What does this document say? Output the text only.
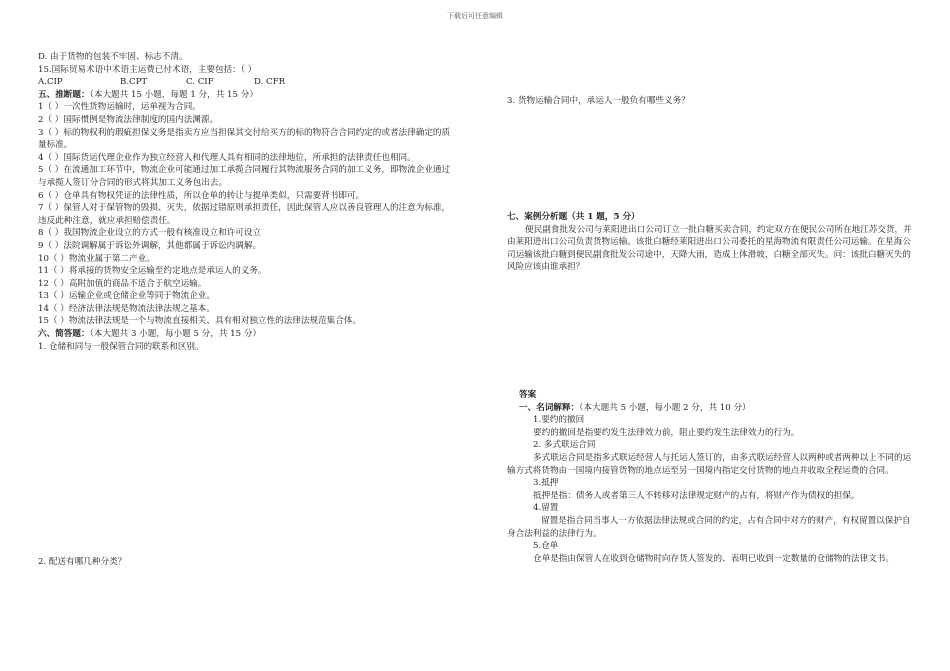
下载后可任意编辑
D. 由于货物的包装不牢固、标志不清。
15.国际贸易术语中术语主运费已付术语，主要包括：（ ）
A.CIP	B.CPT	C. CIF	D. CFR
五、推断题：（本大题共 15 小题，每题 1 分，共 15 分）
1（ ）一次性货物运输时，运单视为合同。
2（ ）国际惯例是物流法律制度的国内法渊源。
3（ ）标的物权利的瑕疵担保义务是指卖方应当担保其交付给买方的标的物符合合同约定的或者法律确定的质量标准。
4（ ）国际货运代理企业作为独立经营人和代理人具有相同的法律地位，所承担的法律责任也相同。
5（ ）在流通加工环节中，物流企业可能通过加工承揽合同履行其物流服务合同的加工义务，即物流企业通过与承揽人签订分合同的形式将其加工义务包出去。
6（ ）仓单具有物权凭证的法律性质，所以仓单的转让与提单类似，只需要背书即可。
7（ ）保管人对于保管物的毁损、灭失，依据过错原则承担责任，因此保管人应以善良管理人的注意为标准，违反此种注意，就应承担赔偿责任。
8（ ）我国物流企业设立的方式一般有核准设立和许可设立
9（ ）法院调解属于诉讼外调解，其他都属于诉讼内调解。
10（ ）物流业属于第二产业。
11（ ）将承接的货物安全运输至约定地点是承运人的义务。
12（ ）高附加值的商品不适合于航空运输。
13（ ）运输企业或仓储企业等同于物流企业。
14（ ）经济法律法规是物流法律法规之基本。
15（ ）物流法律法规是一个与物流直接相关、具有相对独立性的法律法规范集合体。
六、简答题：（本大题共 3 小题，每小题 5 分，共 15 分）
1. 仓储和同与一般保管合同的联系和区别。
2. 配送有哪几种分类？
3. 货物运输合同中，承运人一般负有哪些义务？
七、案例分析题（共 1 题，5 分）
便民副食批发公司与莱阳进出口公司订立一批白糖买卖合同，约定双方在便民公司所在地江苏交货，并由莱阳进出口公司负责货物运输。该批白糖经莱阳进出口公司委托的星海物流有限责任公司运输。在星海公司运输该批白糖到便民副食批发公司途中，天降大雨，造成上体滑坡，白糖全部灭失。问：该批白糖灭失的风险应该由谁承担？
答案
一、名词解释：（本大题共 5 小题，每小题 2 分，共 10 分）
1.要约的撤回
要约的撤回是指要约发生法律效力前，阻止要约发生法律效力的行为。
2. 多式联运合同
多式联运合同是指多式联运经营人与托运人签订的，由多式联运经营人以两种或者两种以上不同的运输方式将货物由一国境内接管货物的地点运至另一国境内指定交付货物的地点并收取全程运费的合同。
3.抵押
抵押是指：债务人或者第三人不转移对法律规定财产的占有，将财产作为债权的担保。
4.留置
留置是指合同当事人一方依据法律法规或合同的约定，占有合同中对方的财产，有权留置以保护自身合法利益的法律行为。
5.仓单
仓单是指由保管人在收到仓储物时向存货人签发的、表明已收到一定数量的仓储物的法律文书。
